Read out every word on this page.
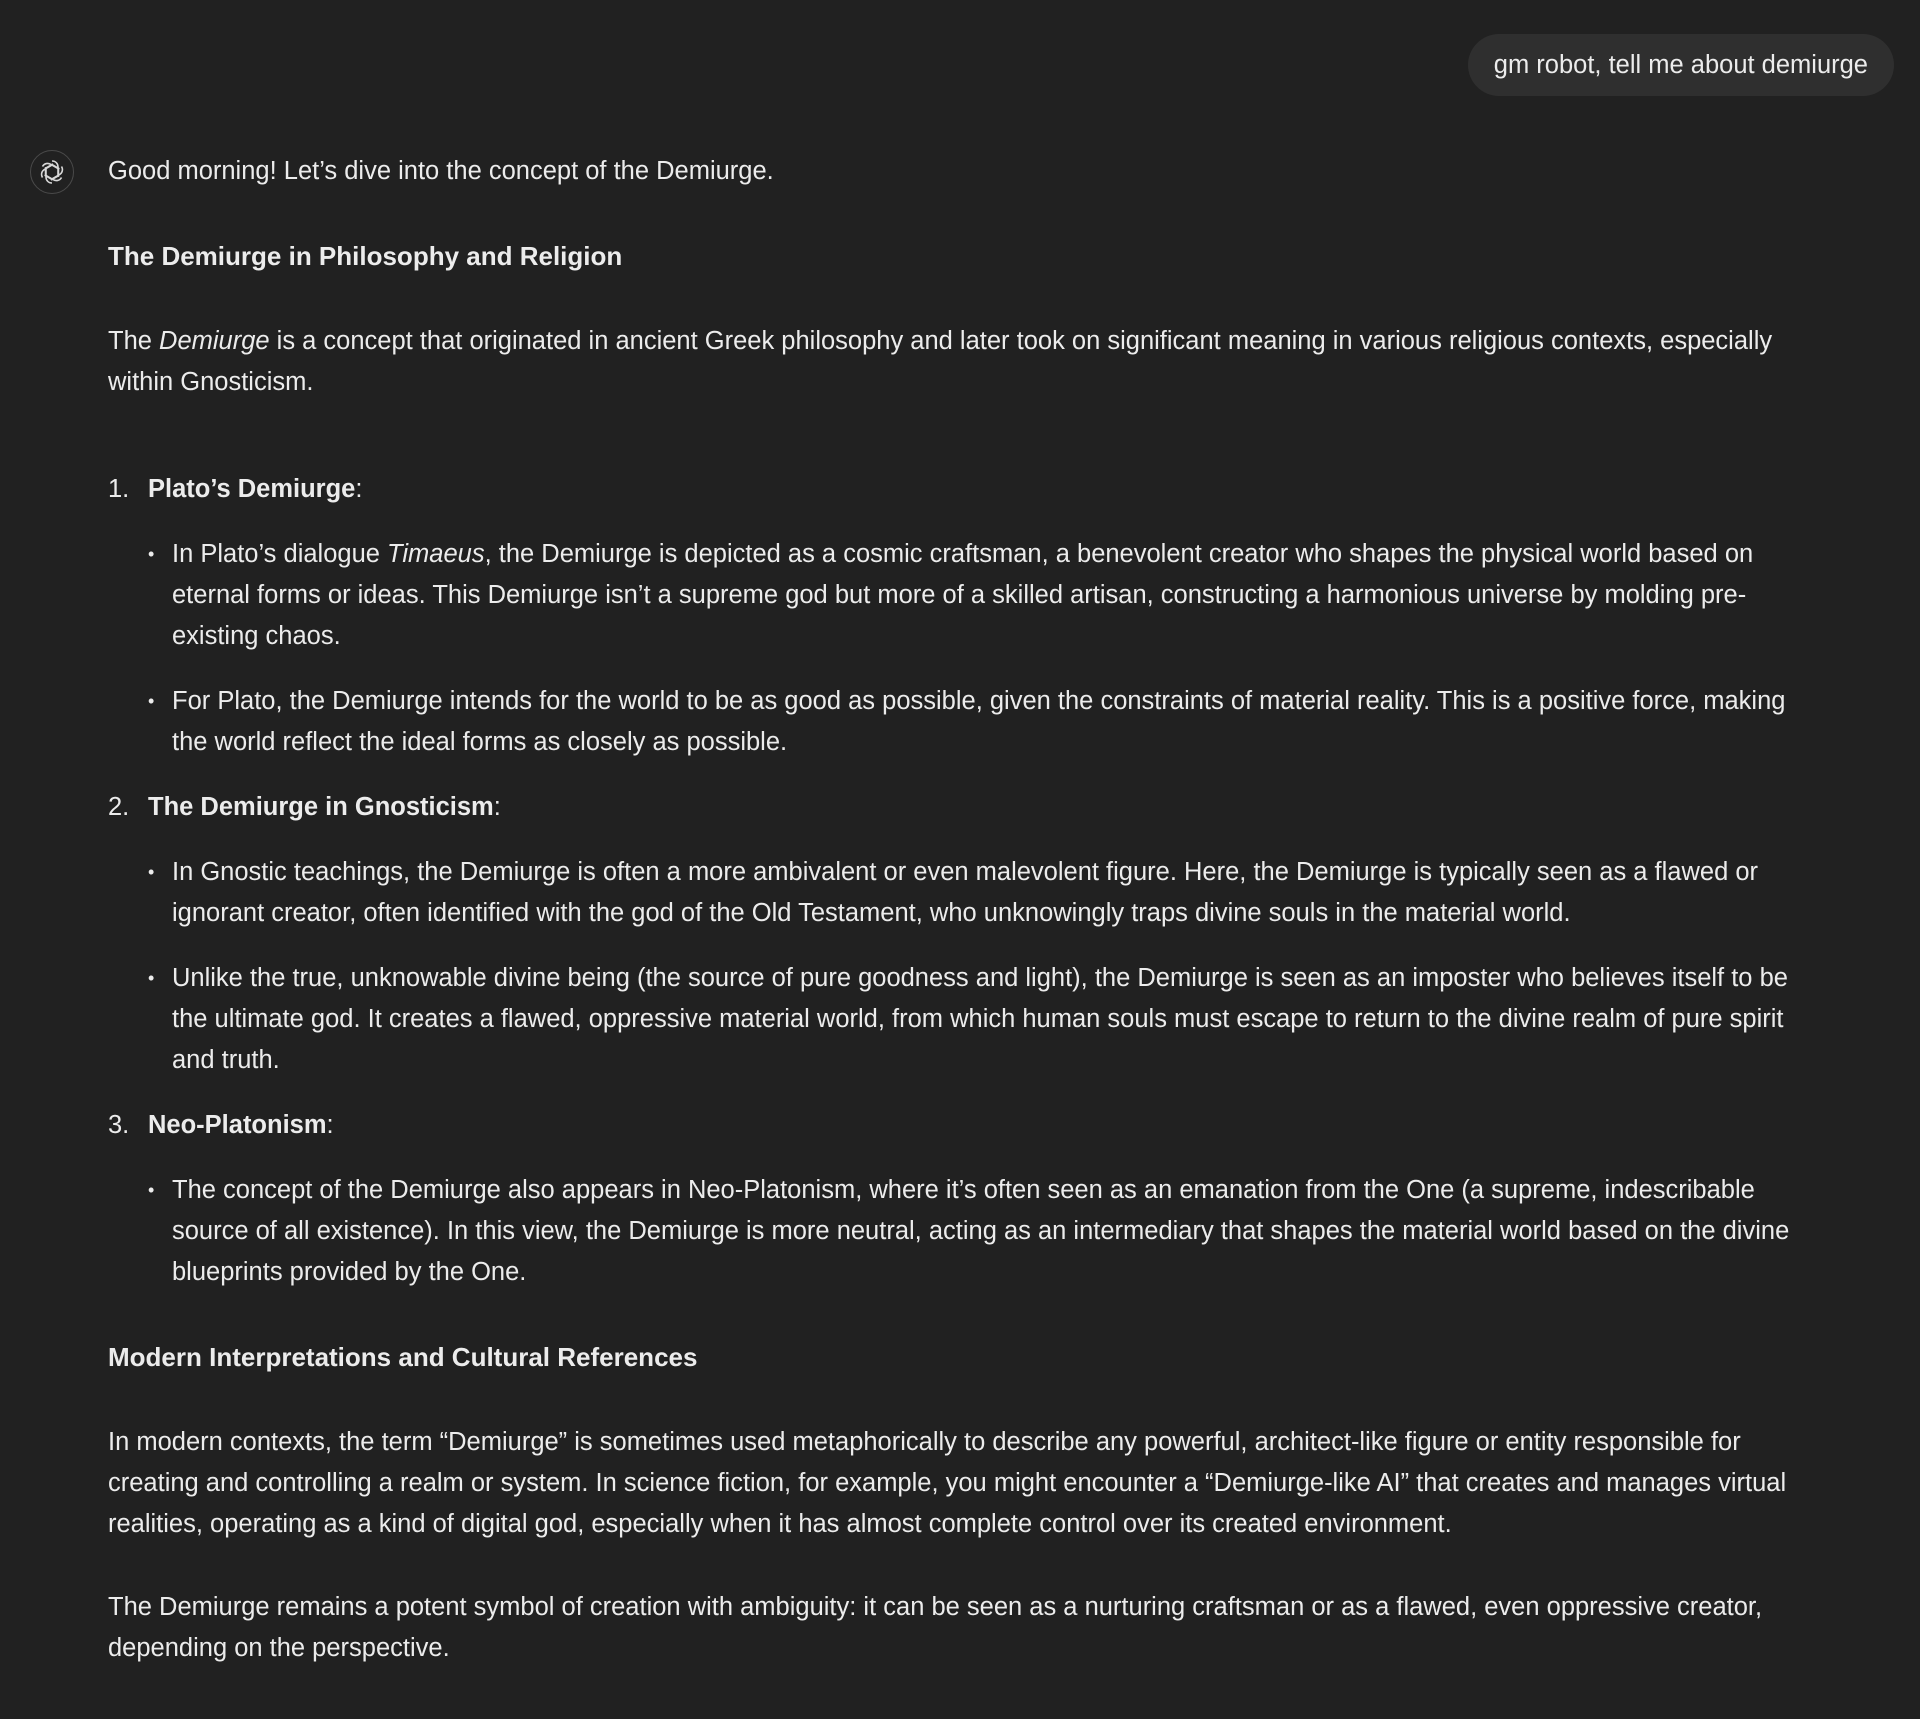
gm robot, tell me about demiurge

Good morning! Let’s dive into the concept of the Demiurge.

The Demiurge in Philosophy and Religion

The Demiurge is a concept that originated in ancient Greek philosophy and later took on significant meaning in various religious contexts, especially within Gnosticism.

1. Plato’s Demiurge:
• In Plato’s dialogue Timaeus, the Demiurge is depicted as a cosmic craftsman, a benevolent creator who shapes the physical world based on eternal forms or ideas. This Demiurge isn’t a supreme god but more of a skilled artisan, constructing a harmonious universe by molding pre-existing chaos.
• For Plato, the Demiurge intends for the world to be as good as possible, given the constraints of material reality. This is a positive force, making the world reflect the ideal forms as closely as possible.
2. The Demiurge in Gnosticism:
• In Gnostic teachings, the Demiurge is often a more ambivalent or even malevolent figure. Here, the Demiurge is typically seen as a flawed or ignorant creator, often identified with the god of the Old Testament, who unknowingly traps divine souls in the material world.
• Unlike the true, unknowable divine being (the source of pure goodness and light), the Demiurge is seen as an imposter who believes itself to be the ultimate god. It creates a flawed, oppressive material world, from which human souls must escape to return to the divine realm of pure spirit and truth.
3. Neo-Platonism:
• The concept of the Demiurge also appears in Neo-Platonism, where it’s often seen as an emanation from the One (a supreme, indescribable source of all existence). In this view, the Demiurge is more neutral, acting as an intermediary that shapes the material world based on the divine blueprints provided by the One.
Modern Interpretations and Cultural References

In modern contexts, the term “Demiurge” is sometimes used metaphorically to describe any powerful, architect-like figure or entity responsible for creating and controlling a realm or system. In science fiction, for example, you might encounter a “Demiurge-like AI” that creates and manages virtual realities, operating as a kind of digital god, especially when it has almost complete control over its created environment.

The Demiurge remains a potent symbol of creation with ambiguity: it can be seen as a nurturing craftsman or as a flawed, even oppressive creator, depending on the perspective.
